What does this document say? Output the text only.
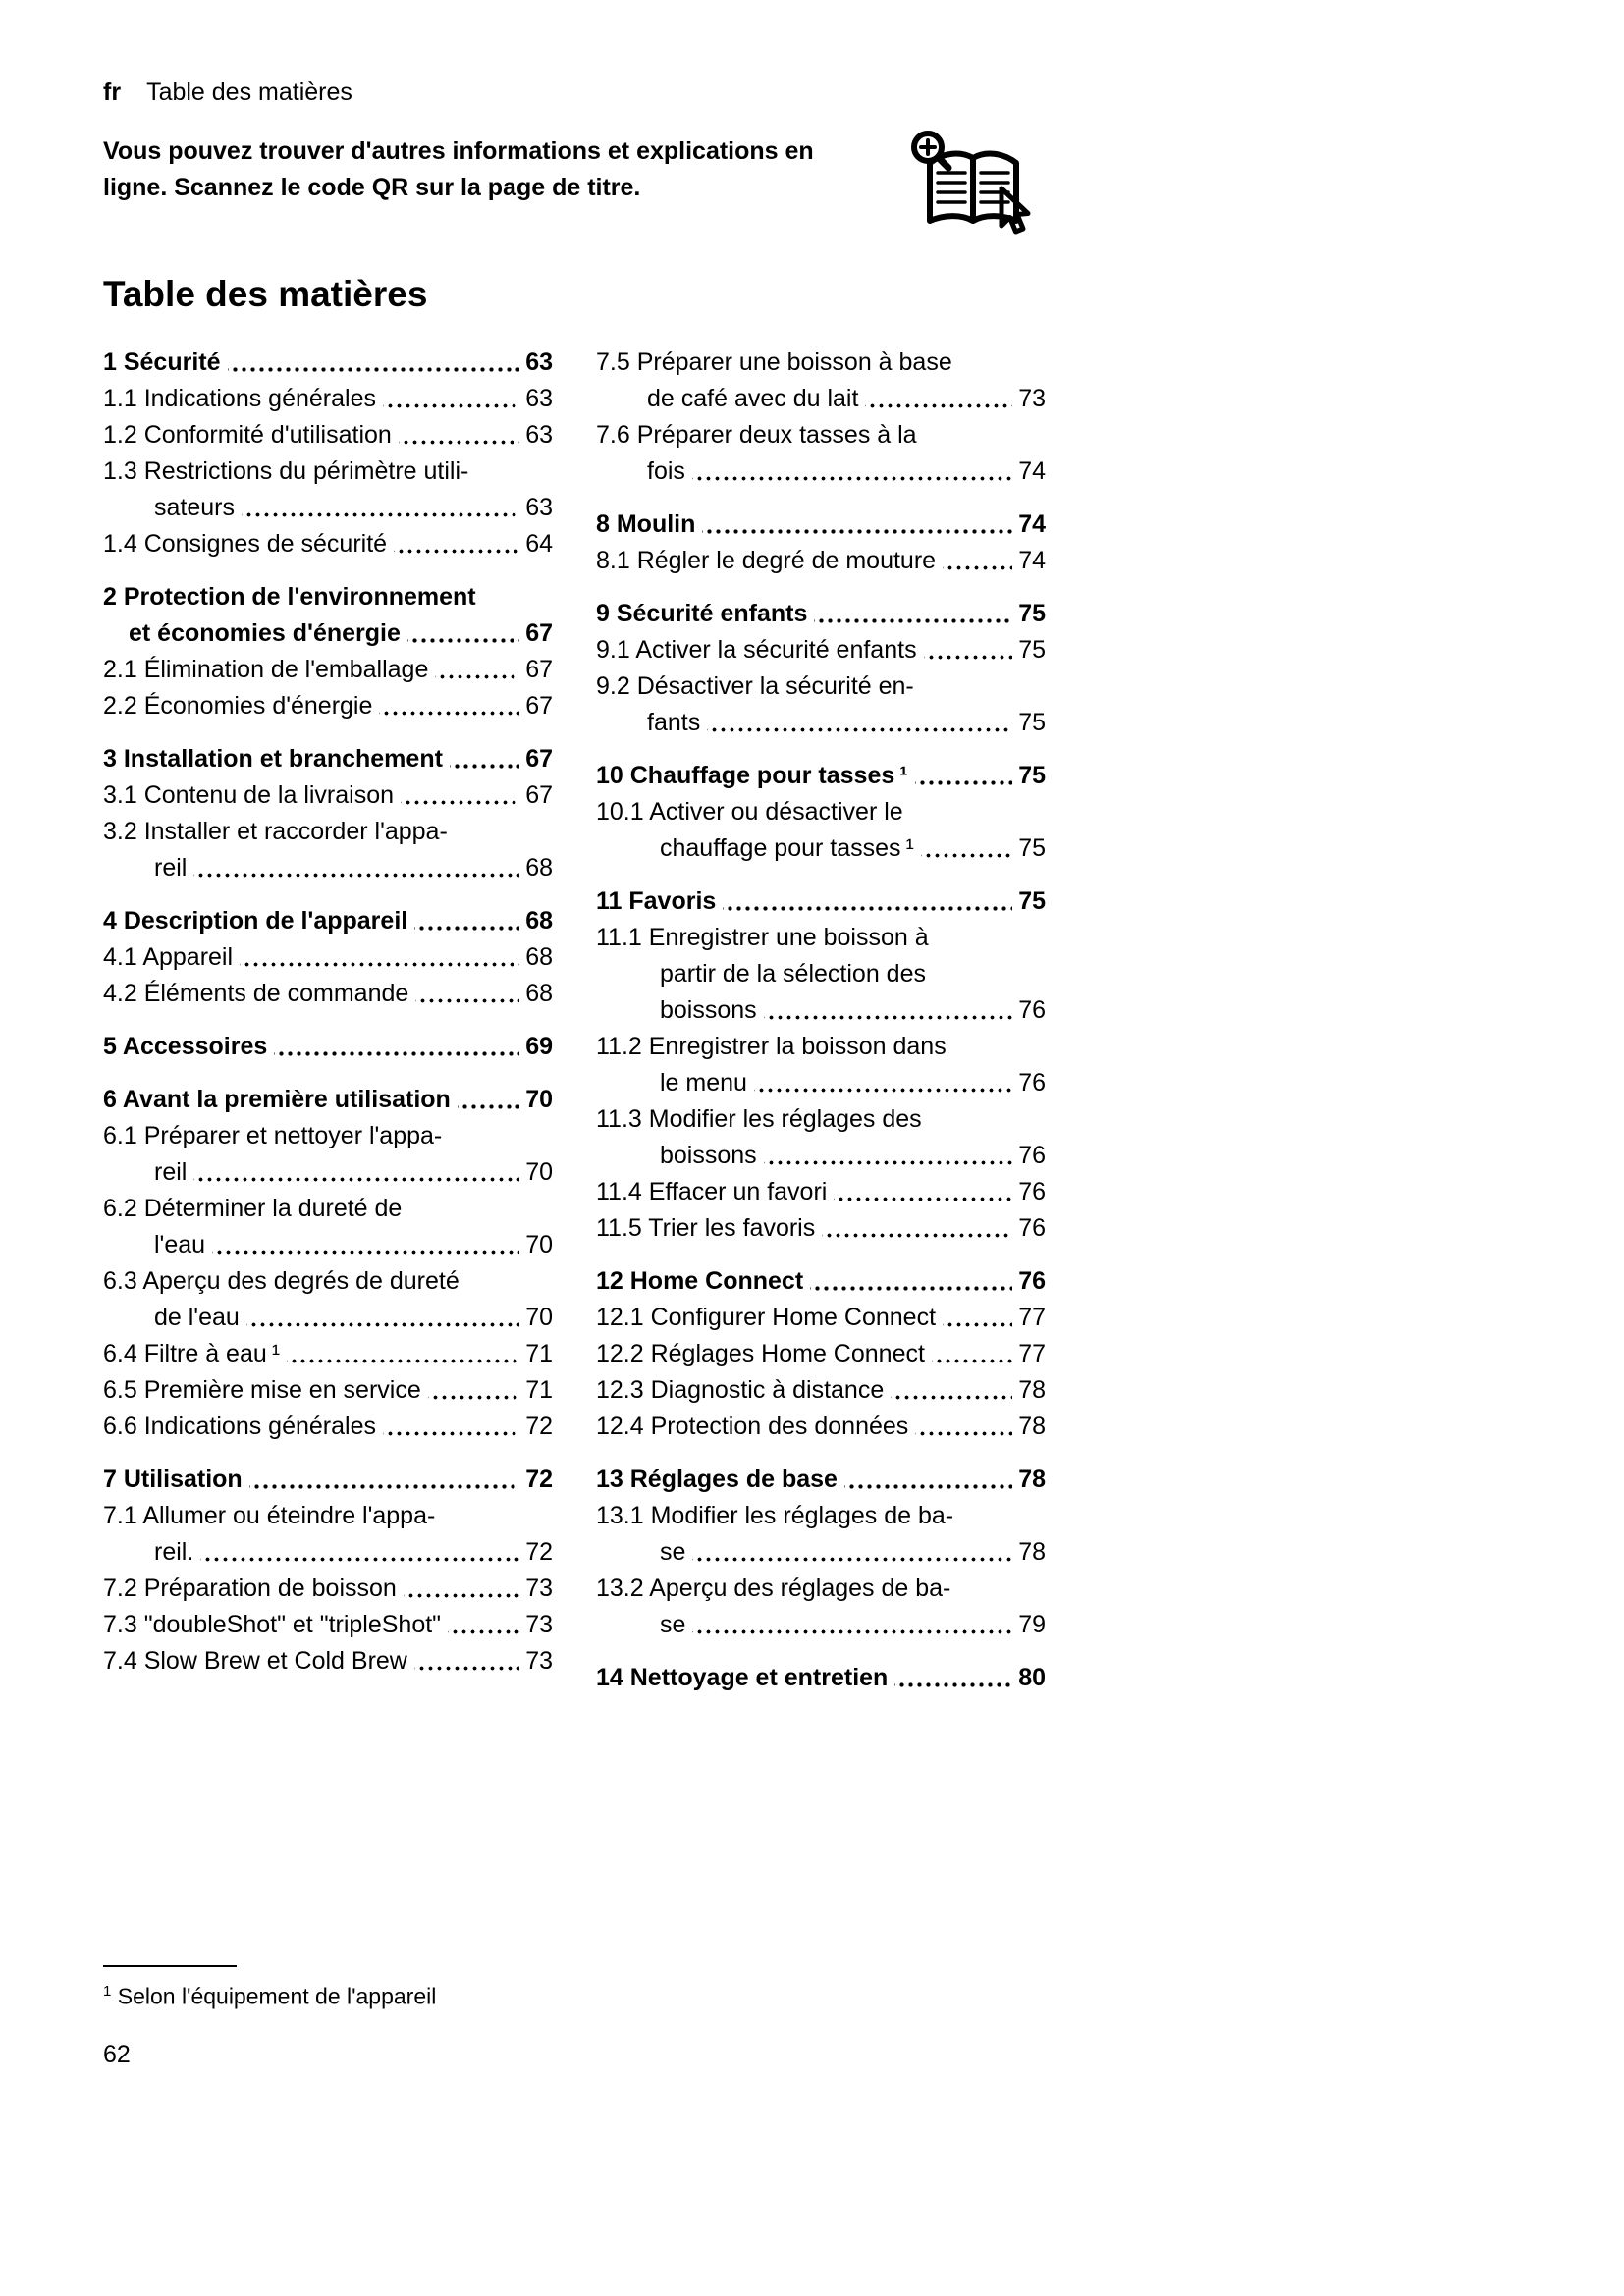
fr Table des matières

Vous pouvez trouver d'autres informations et explications en ligne. Scannez le code QR sur la page de titre.

Table des matières
1 Sécurité	63
1.1 Indications générales	63
1.2 Conformité d'utilisation	63
1.3 Restrictions du périmètre utili-
sateurs	63
1.4 Consignes de sécurité	64
2 Protection de l'environnement
et économies d'énergie	67
2.1 Élimination de l'emballage	67
2.2 Économies d'énergie	67
3 Installation et branchement	67
3.1 Contenu de la livraison	67
3.2 Installer et raccorder l'appa-
reil	68
4 Description de l'appareil	68
4.1 Appareil	68
4.2 Éléments de commande	68
5 Accessoires	69
6 Avant la première utilisation	70
6.1 Préparer et nettoyer l'appa-
reil	70
6.2 Déterminer la dureté de
l'eau	70
6.3 Aperçu des degrés de dureté
de l'eau	70
6.4 Filtre à eau ¹	71
6.5 Première mise en service	71
6.6 Indications générales	72
7 Utilisation	72
7.1 Allumer ou éteindre l'appa-
reil.	72
7.2 Préparation de boisson	73
7.3 "doubleShot" et "tripleShot"	73
7.4 Slow Brew et Cold Brew	73
7.5 Préparer une boisson à base
de café avec du lait	73
7.6 Préparer deux tasses à la
fois	74
8 Moulin	74
8.1 Régler le degré de mouture	74
9 Sécurité enfants	75
9.1 Activer la sécurité enfants	75
9.2 Désactiver la sécurité en-
fants	75
10 Chauffage pour tasses ¹	75
10.1 Activer ou désactiver le
chauffage pour tasses ¹	75
11 Favoris	75
11.1 Enregistrer une boisson à
partir de la sélection des
boissons	76
11.2 Enregistrer la boisson dans
le menu	76
11.3 Modifier les réglages des
boissons	76
11.4 Effacer un favori	76
11.5 Trier les favoris	76
12 Home Connect	76
12.1 Configurer Home Connect	77
12.2 Réglages Home Connect	77
12.3 Diagnostic à distance	78
12.4 Protection des données	78
13 Réglages de base	78
13.1 Modifier les réglages de ba-
se	78
13.2 Aperçu des réglages de ba-
se	79
14 Nettoyage et entretien	80

$^1$ Selon l'équipement de l'appareil

62
